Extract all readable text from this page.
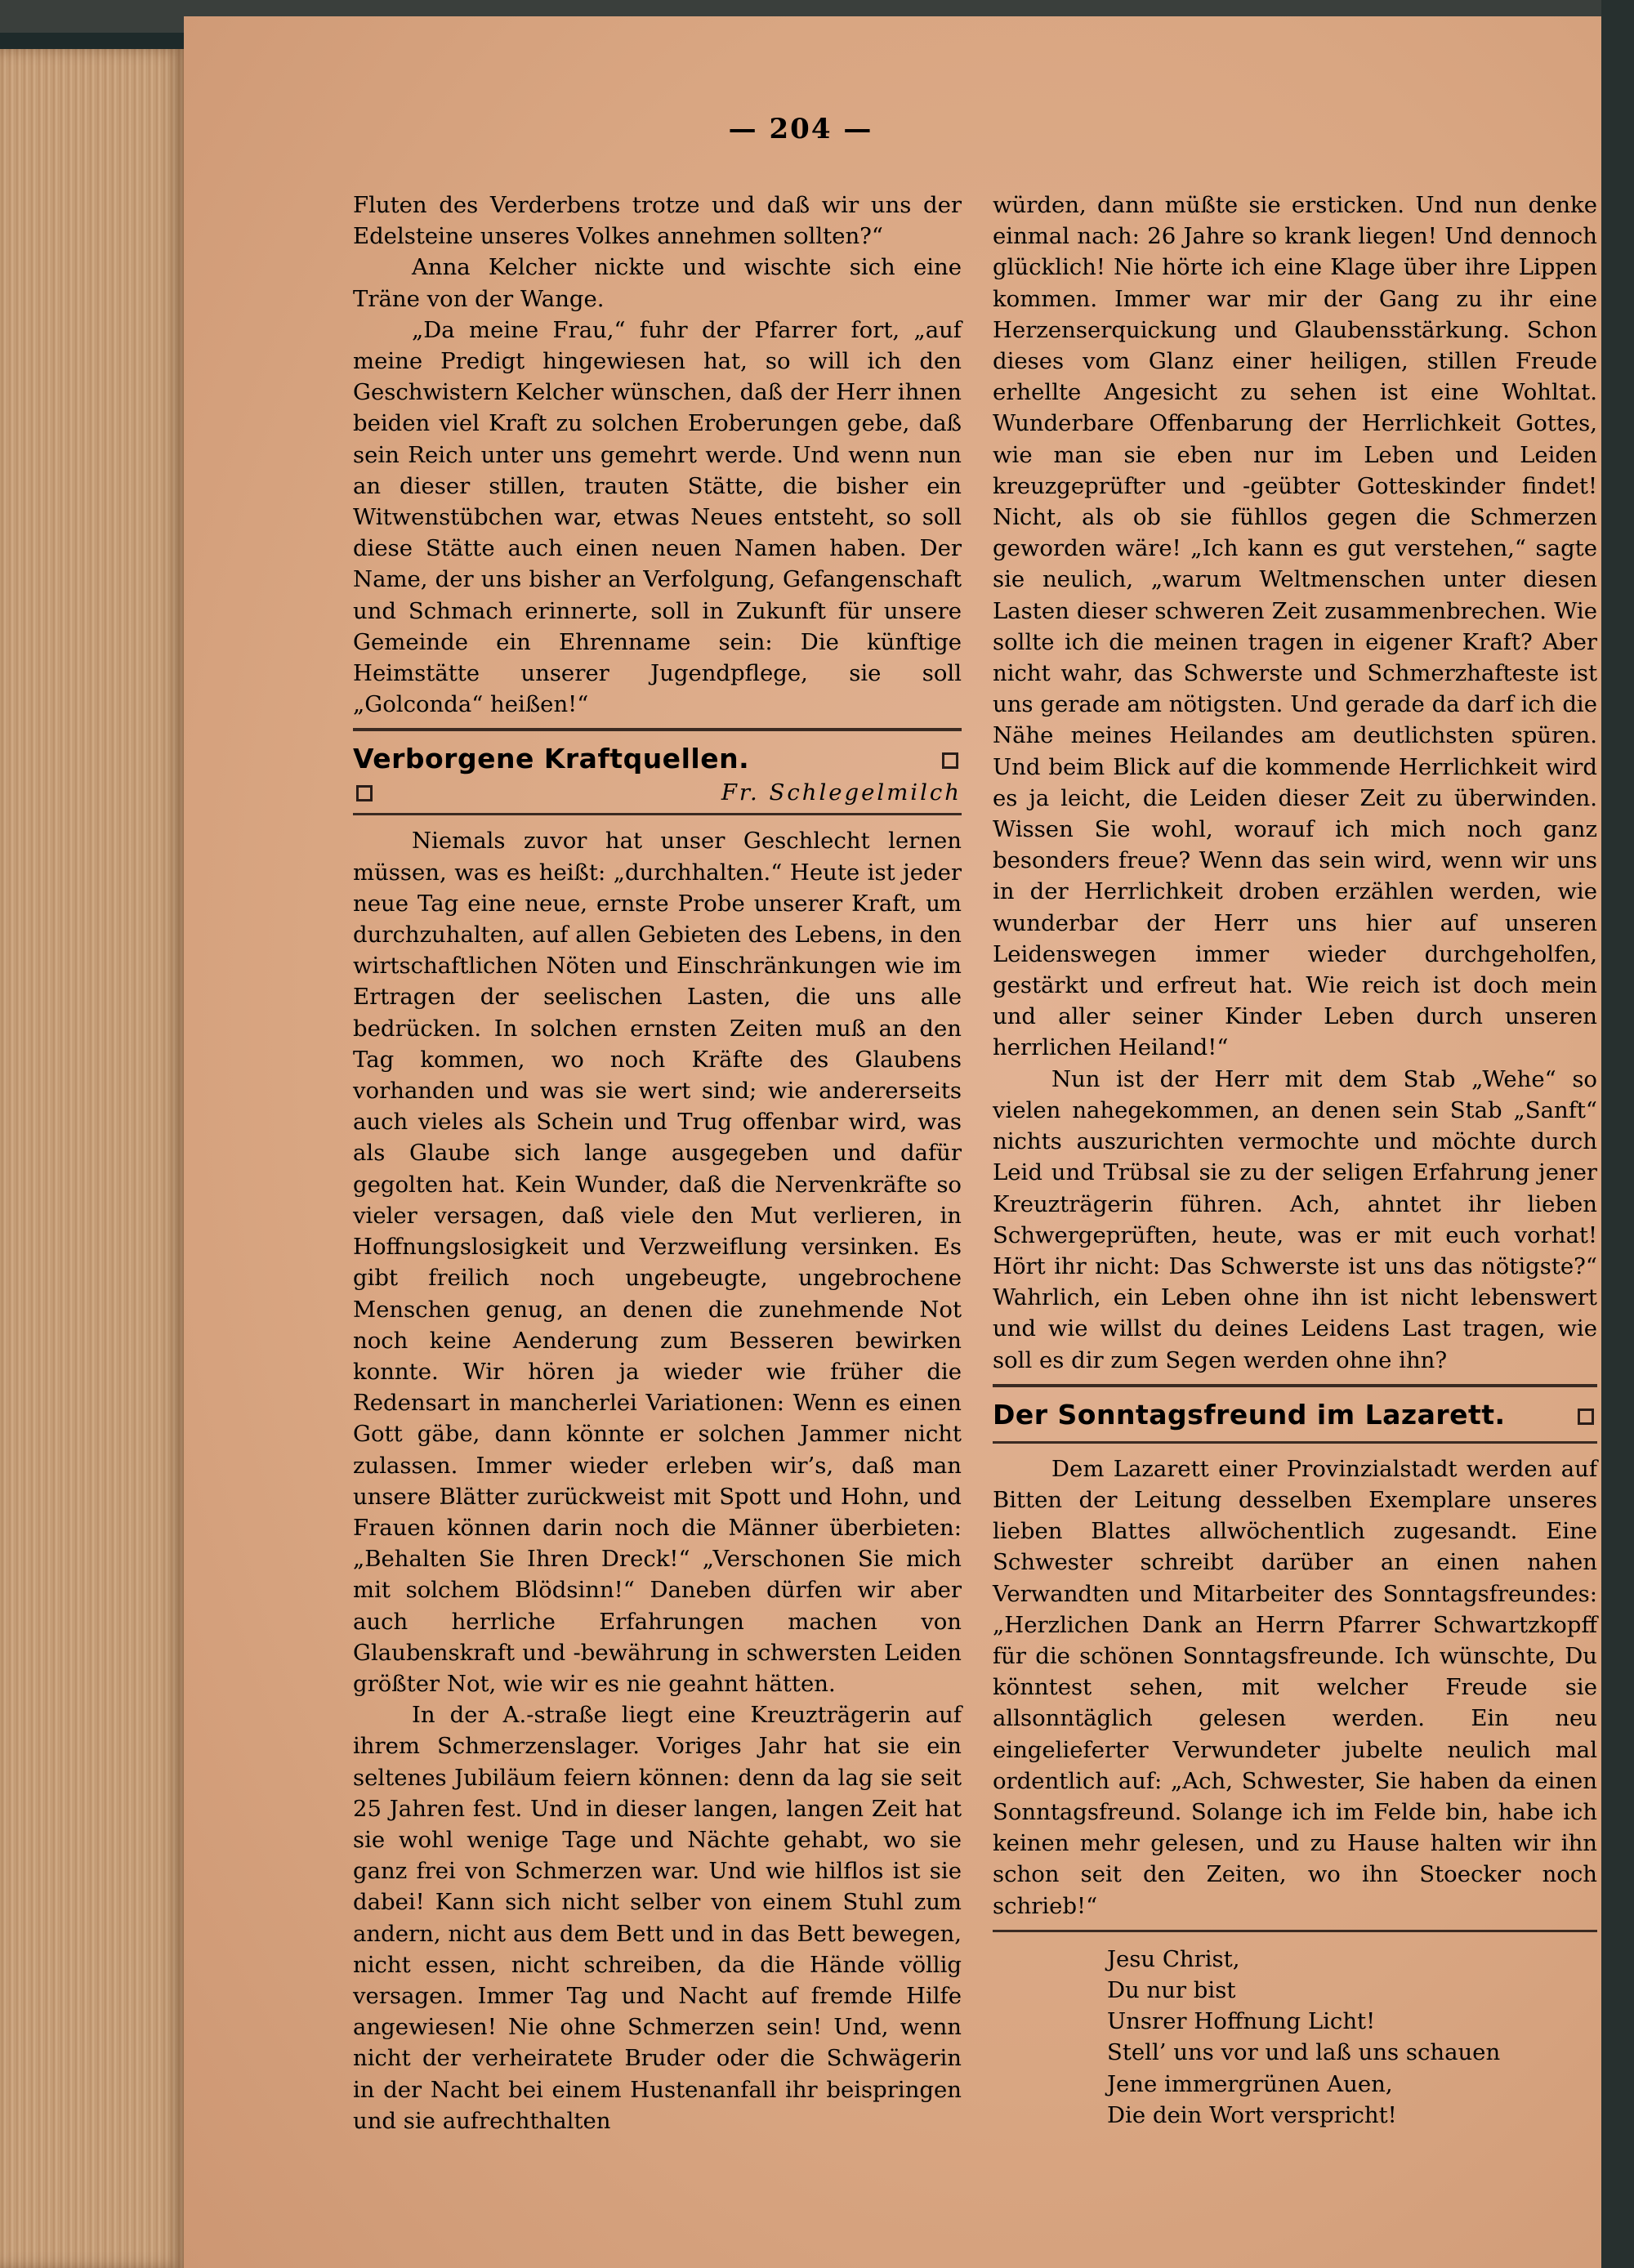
— 204 —

Fluten des Verderbens trotze und daß wir uns der Edelsteine unseres Volkes annehmen sollten?“

Anna Kelcher nickte und wischte sich eine Träne von der Wange.

„Da meine Frau,“ fuhr der Pfarrer fort, „auf meine Predigt hingewiesen hat, so will ich den Geschwistern Kelcher wünschen, daß der Herr ihnen beiden viel Kraft zu solchen Eroberungen gebe, daß sein Reich unter uns gemehrt werde. Und wenn nun an dieser stillen, trauten Stätte, die bisher ein Witwenstübchen war, etwas Neues entsteht, so soll diese Stätte auch einen neuen Namen haben. Der Name, der uns bisher an Verfolgung, Gefangenschaft und Schmach erinnerte, soll in Zukunft für unsere Gemeinde ein Ehrenname sein: Die künftige Heimstätte unserer Jugendpflege, sie soll „Golconda“ heißen!“

Verborgene Kraftquellen.
Fr. Schlegelmilch

Niemals zuvor hat unser Geschlecht lernen müssen, was es heißt: „durchhalten.“ Heute ist jeder neue Tag eine neue, ernste Probe unserer Kraft, um durchzuhalten, auf allen Gebieten des Lebens, in den wirtschaftlichen Nöten und Einschränkungen wie im Ertragen der seelischen Lasten, die uns alle bedrücken. In solchen ernsten Zeiten muß an den Tag kommen, wo noch Kräfte des Glaubens vorhanden und was sie wert sind; wie andererseits auch vieles als Schein und Trug offenbar wird, was als Glaube sich lange ausgegeben und dafür gegolten hat. Kein Wunder, daß die Nervenkräfte so vieler versagen, daß viele den Mut verlieren, in Hoffnungslosigkeit und Verzweiflung versinken. Es gibt freilich noch ungebeugte, ungebrochene Menschen genug, an denen die zunehmende Not noch keine Aenderung zum Besseren bewirken konnte. Wir hören ja wieder wie früher die Redensart in mancherlei Variationen: Wenn es einen Gott gäbe, dann könnte er solchen Jammer nicht zulassen. Immer wieder erleben wir’s, daß man unsere Blätter zurückweist mit Spott und Hohn, und Frauen können darin noch die Männer überbieten: „Behalten Sie Ihren Dreck!“ „Verschonen Sie mich mit solchem Blödsinn!“ Daneben dürfen wir aber auch herrliche Erfahrungen machen von Glaubenskraft und -bewährung in schwersten Leiden größter Not, wie wir es nie geahnt hätten.

In der A.-straße liegt eine Kreuzträgerin auf ihrem Schmerzenslager. Voriges Jahr hat sie ein seltenes Jubiläum feiern können: denn da lag sie seit 25 Jahren fest. Und in dieser langen, langen Zeit hat sie wohl wenige Tage und Nächte gehabt, wo sie ganz frei von Schmerzen war. Und wie hilflos ist sie dabei! Kann sich nicht selber von einem Stuhl zum andern, nicht aus dem Bett und in das Bett bewegen, nicht essen, nicht schreiben, da die Hände völlig versagen. Immer Tag und Nacht auf fremde Hilfe angewiesen! Nie ohne Schmerzen sein! Und, wenn nicht der verheiratete Bruder oder die Schwägerin in der Nacht bei einem Hustenanfall ihr beispringen und sie aufrechthalten

würden, dann müßte sie ersticken. Und nun denke einmal nach: 26 Jahre so krank liegen! Und dennoch glücklich! Nie hörte ich eine Klage über ihre Lippen kommen. Immer war mir der Gang zu ihr eine Herzenserquickung und Glaubensstärkung. Schon dieses vom Glanz einer heiligen, stillen Freude erhellte Angesicht zu sehen ist eine Wohltat. Wunderbare Offenbarung der Herrlichkeit Gottes, wie man sie eben nur im Leben und Leiden kreuzgeprüfter und -geübter Gotteskinder findet! Nicht, als ob sie fühllos gegen die Schmerzen geworden wäre! „Ich kann es gut verstehen,“ sagte sie neulich, „warum Weltmenschen unter diesen Lasten dieser schweren Zeit zusammenbrechen. Wie sollte ich die meinen tragen in eigener Kraft? Aber nicht wahr, das Schwerste und Schmerzhafteste ist uns gerade am nötigsten. Und gerade da darf ich die Nähe meines Heilandes am deutlichsten spüren. Und beim Blick auf die kommende Herrlichkeit wird es ja leicht, die Leiden dieser Zeit zu überwinden. Wissen Sie wohl, worauf ich mich noch ganz besonders freue? Wenn das sein wird, wenn wir uns in der Herrlichkeit droben erzählen werden, wie wunderbar der Herr uns hier auf unseren Leidenswegen immer wieder durchgeholfen, gestärkt und erfreut hat. Wie reich ist doch mein und aller seiner Kinder Leben durch unseren herrlichen Heiland!“

Nun ist der Herr mit dem Stab „Wehe“ so vielen nahegekommen, an denen sein Stab „Sanft“ nichts auszurichten vermochte und möchte durch Leid und Trübsal sie zu der seligen Erfahrung jener Kreuzträgerin führen. Ach, ahntet ihr lieben Schwergeprüften, heute, was er mit euch vorhat! Hört ihr nicht: Das Schwerste ist uns das nötigste?“ Wahrlich, ein Leben ohne ihn ist nicht lebenswert und wie willst du deines Leidens Last tragen, wie soll es dir zum Segen werden ohne ihn?

Der Sonntagsfreund im Lazarett.

Dem Lazarett einer Provinzialstadt werden auf Bitten der Leitung desselben Exemplare unseres lieben Blattes allwöchentlich zugesandt. Eine Schwester schreibt darüber an einen nahen Verwandten und Mitarbeiter des Sonntagsfreundes: „Herzlichen Dank an Herrn Pfarrer Schwartzkopff für die schönen Sonntagsfreunde. Ich wünschte, Du könntest sehen, mit welcher Freude sie allsonntäglich gelesen werden. Ein neu eingelieferter Verwundeter jubelte neulich mal ordentlich auf: „Ach, Schwester, Sie haben da einen Sonntagsfreund. Solange ich im Felde bin, habe ich keinen mehr gelesen, und zu Hause halten wir ihn schon seit den Zeiten, wo ihn Stoecker noch schrieb!“

Jesu Christ,
Du nur bist
Unsrer Hoffnung Licht!
Stell’ uns vor und laß uns schauen
Jene immergrünen Auen,
Die dein Wort verspricht!
